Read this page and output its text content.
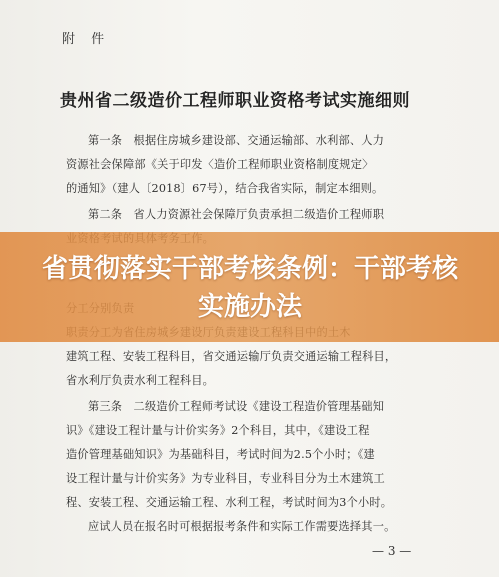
附 件
贵州省二级造价工程师职业资格考试实施细则
第一条　根据住房城乡建设部、交通运输部、水利部、人力
资源社会保障部《关于印发〈造价工程师职业资格制度规定〉
的通知》（建人〔2018〕67号），结合我省实际，制定本细则。
第二条　省人力资源社会保障厅负责承担二级造价工程师职
建筑工程、安装工程科目，省交通运输厅负责交通运输工程科目，
省水利厅负责水利工程科目。
第三条　二级造价工程师考试设《建设工程造价管理基础知
识》《建设工程计量与计价实务》2个科目，其中，《建设工程
造价管理基础知识》为基础科目，考试时间为2.5个小时；《建
设工程计量与计价实务》为专业科目，专业科目分为土木建筑工
程、安装工程、交通运输工程、水利工程，考试时间为3个小时。
应试人员在报名时可根据报考条件和实际工作需要选择其一。
— 3 —
省贯彻落实干部考核条例：干部考核实施办法
